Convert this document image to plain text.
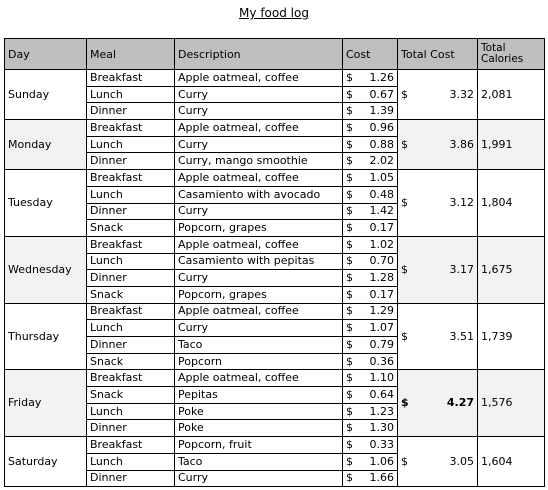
My food log
Day	Meal	Description	Cost	Total Cost	Total Calories
Sunday	Breakfast	Apple oatmeal, coffee	$ 1.26	$ 3.32	2,081
	Lunch	Curry	$ 0.67		

	Dinner	Curry	$ 1.39		

Monday	Breakfast	Apple oatmeal, coffee	$ 0.96	$ 3.86	1,991
	Lunch	Curry	$ 0.88		

	Dinner	Curry, mango smoothie	$ 2.02		

Tuesday	Breakfast	Apple oatmeal, coffee	$ 1.05	$ 3.12	1,804
	Lunch	Casamiento with avocado	$ 0.48		

	Dinner	Curry	$ 1.42		

	Snack	Popcorn, grapes	$ 0.17		

Wednesday	Breakfast	Apple oatmeal, coffee	$ 1.02	$ 3.17	1,675
	Lunch	Casamiento with pepitas	$ 0.70		

	Dinner	Curry	$ 1.28		

	Snack	Popcorn, grapes	$ 0.17		

Thursday	Breakfast	Apple oatmeal, coffee	$ 1.29	$ 3.51	1,739
	Lunch	Curry	$ 1.07		

	Dinner	Taco	$ 0.79		

	Snack	Popcorn	$ 0.36		

Friday	Breakfast	Apple oatmeal, coffee	$ 1.10	$ 4.27	1,576
	Snack	Pepitas	$ 0.64		

	Lunch	Poke	$ 1.23		

	Dinner	Poke	$ 1.30		

Saturday	Breakfast	Popcorn, fruit	$ 0.33	$ 3.05	1,604
	Lunch	Taco	$ 1.06		

	Dinner	Curry	$ 1.66		
